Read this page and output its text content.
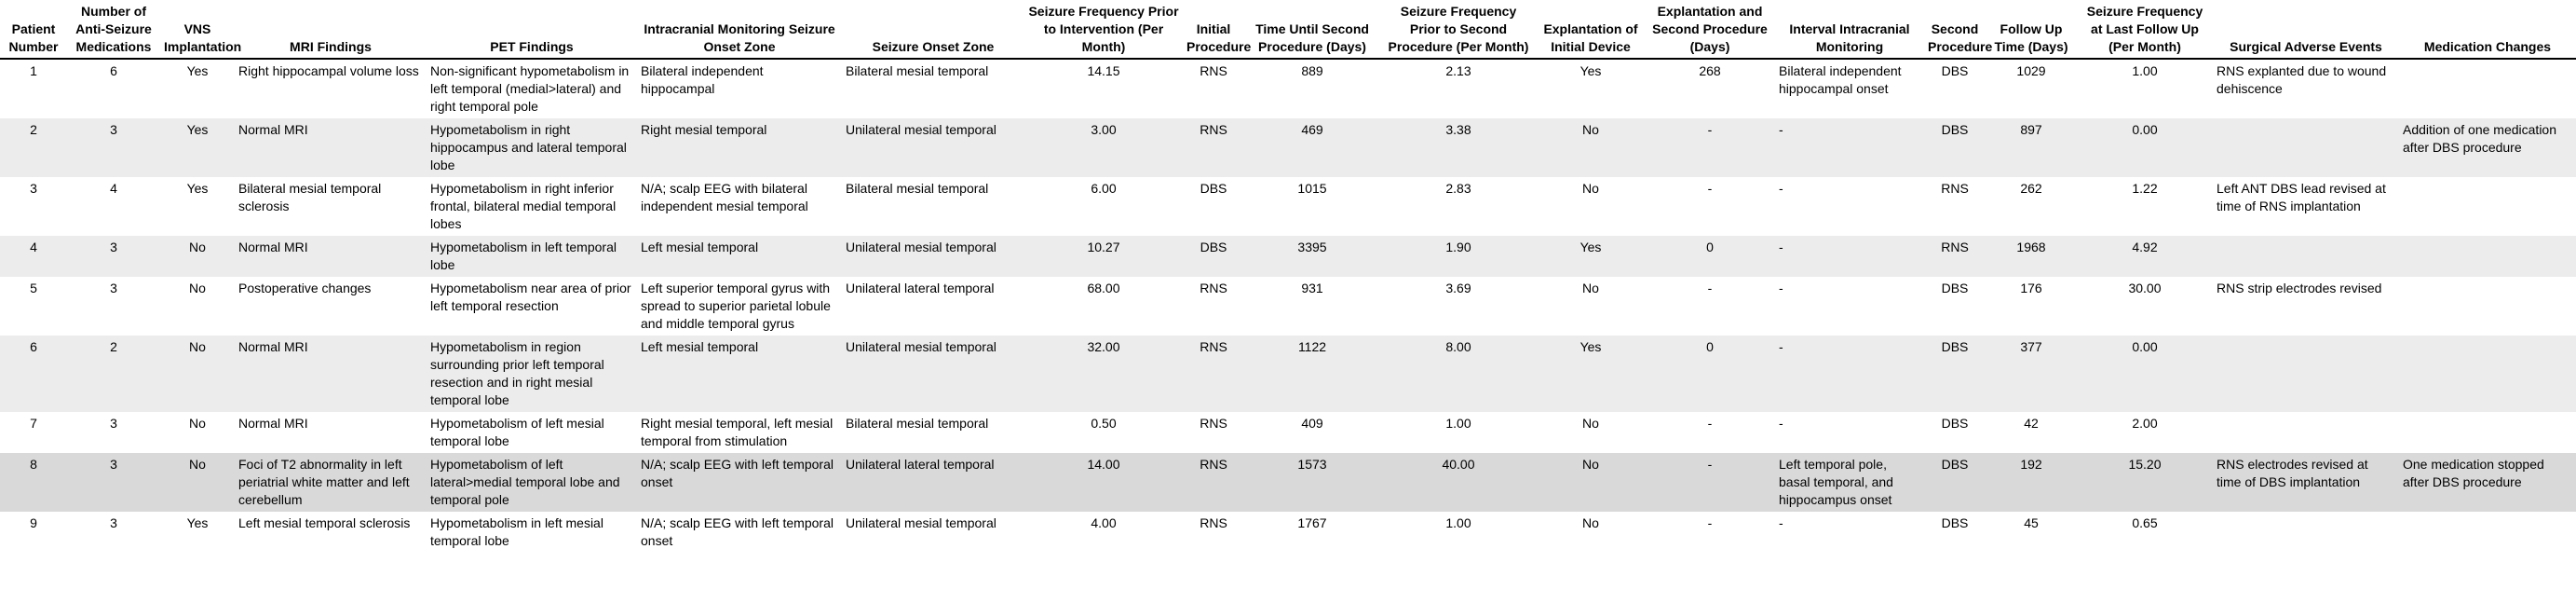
Patient Number	Number of Anti-Seizure Medications	VNS Implantation	MRI Findings	PET Findings	Intracranial Monitoring Seizure Onset Zone	Seizure Onset Zone	Seizure Frequency Prior to Intervention (Per Month)	Initial Procedure	Time Until Second Procedure (Days)	Seizure Frequency Prior to Second Procedure (Per Month)	Explantation of Initial Device	Explantation and Second Procedure (Days)	Interval Intracranial Monitoring	Second Procedure	Follow Up Time (Days)	Seizure Frequency at Last Follow Up (Per Month)	Surgical Adverse Events	Medication Changes
1	6	Yes	Right hippocampal volume loss	Non-significant hypometabolism in left temporal (medial>lateral) and right temporal pole	Bilateral independent hippocampal	Bilateral mesial temporal	14.15	RNS	889	2.13	Yes	268	Bilateral independent hippocampal onset	DBS	1029	1.00	RNS explanted due to wound dehiscence	
2	3	Yes	Normal MRI	Hypometabolism in right hippocampus and lateral temporal lobe	Right mesial temporal	Unilateral mesial temporal	3.00	RNS	469	3.38	No	-	-	DBS	897	0.00		Addition of one medication after DBS procedure
3	4	Yes	Bilateral mesial temporal sclerosis	Hypometabolism in right inferior frontal, bilateral medial temporal lobes	N/A; scalp EEG with bilateral independent mesial temporal	Bilateral mesial temporal	6.00	DBS	1015	2.83	No	-	-	RNS	262	1.22	Left ANT DBS lead revised at time of RNS implantation	
4	3	No	Normal MRI	Hypometabolism in left temporal lobe	Left mesial temporal	Unilateral mesial temporal	10.27	DBS	3395	1.90	Yes	0	-	RNS	1968	4.92		
5	3	No	Postoperative changes	Hypometabolism near area of prior left temporal resection	Left superior temporal gyrus with spread to superior parietal lobule and middle temporal gyrus	Unilateral lateral temporal	68.00	RNS	931	3.69	No	-	-	DBS	176	30.00	RNS strip electrodes revised	
6	2	No	Normal MRI	Hypometabolism in region surrounding prior left temporal resection and in right mesial temporal lobe	Left mesial temporal	Unilateral mesial temporal	32.00	RNS	1122	8.00	Yes	0	-	DBS	377	0.00		
7	3	No	Normal MRI	Hypometabolism of left mesial temporal lobe	Right mesial temporal, left mesial temporal from stimulation	Bilateral mesial temporal	0.50	RNS	409	1.00	No	-	-	DBS	42	2.00		
8	3	No	Foci of T2 abnormality in left periatrial white matter and left cerebellum	Hypometabolism of left lateral>medial temporal lobe and temporal pole	N/A; scalp EEG with left temporal onset	Unilateral lateral temporal	14.00	RNS	1573	40.00	No	-	Left temporal pole, basal temporal, and hippocampus onset	DBS	192	15.20	RNS electrodes revised at time of DBS implantation	One medication stopped after DBS procedure
9	3	Yes	Left mesial temporal sclerosis	Hypometabolism in left mesial temporal lobe	N/A; scalp EEG with left temporal onset	Unilateral mesial temporal	4.00	RNS	1767	1.00	No	-	-	DBS	45	0.65		
